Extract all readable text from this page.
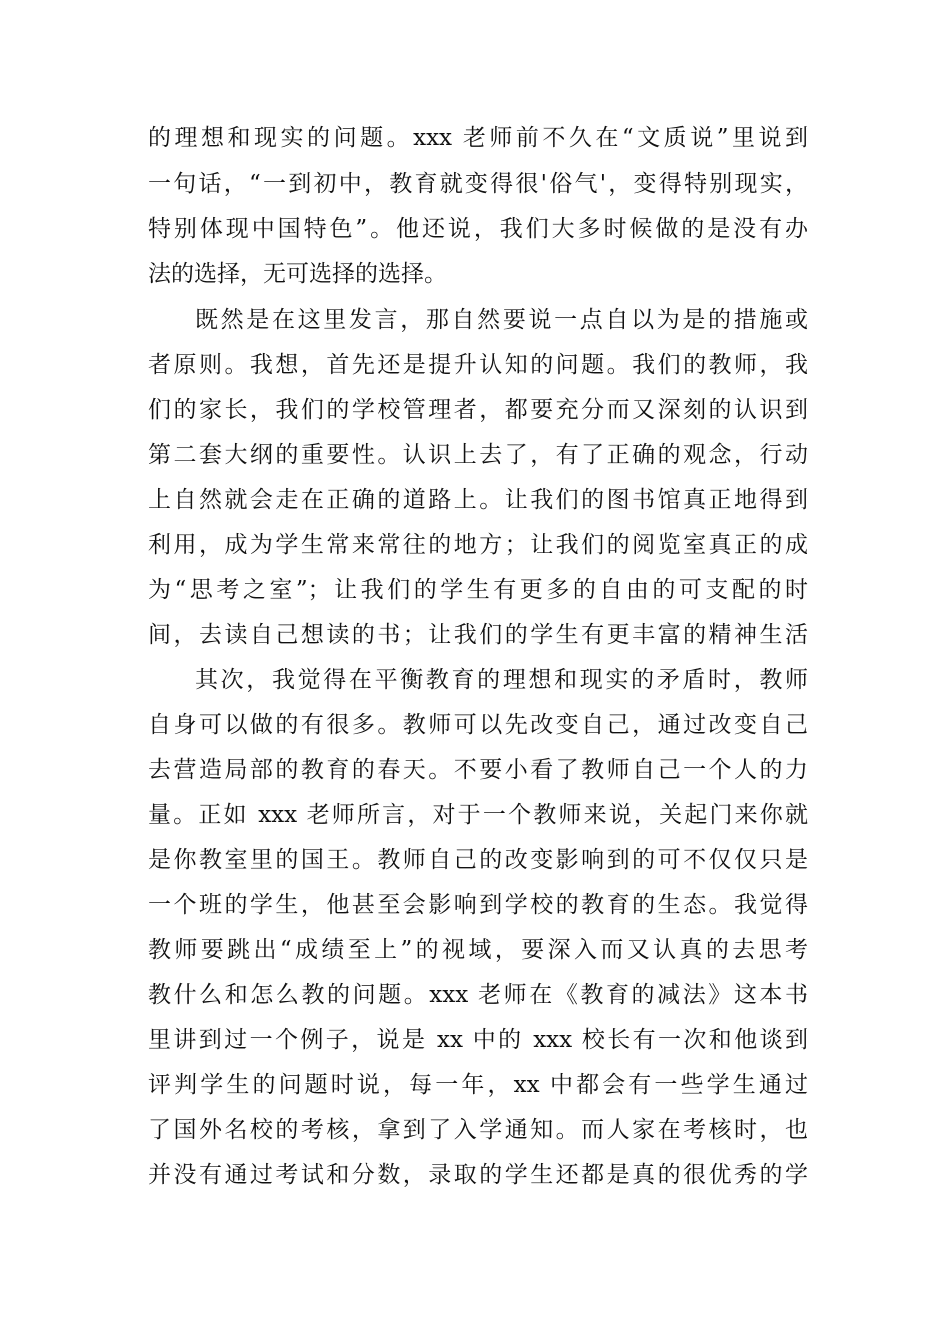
的理想和现实的问题。xxx 老师前不久在“文质说”里说到
一句话，“一到初中，教育就变得很'俗气'，变得特别现实，
特别体现中国特色”。他还说，我们大多时候做的是没有办
法的选择，无可选择的选择。
既然是在这里发言，那自然要说一点自以为是的措施或
者原则。我想，首先还是提升认知的问题。我们的教师，我
们的家长，我们的学校管理者，都要充分而又深刻的认识到
第二套大纲的重要性。认识上去了，有了正确的观念，行动
上自然就会走在正确的道路上。让我们的图书馆真正地得到
利用，成为学生常来常往的地方；让我们的阅览室真正的成
为“思考之室”；让我们的学生有更多的自由的可支配的时
间，去读自己想读的书；让我们的学生有更丰富的精神生活
其次，我觉得在平衡教育的理想和现实的矛盾时，教师
自身可以做的有很多。教师可以先改变自己，通过改变自己
去营造局部的教育的春天。不要小看了教师自己一个人的力
量。正如 xxx 老师所言，对于一个教师来说，关起门来你就
是你教室里的国王。教师自己的改变影响到的可不仅仅只是
一个班的学生，他甚至会影响到学校的教育的生态。我觉得
教师要跳出“成绩至上”的视域，要深入而又认真的去思考
教什么和怎么教的问题。xxx 老师在《教育的减法》这本书
里讲到过一个例子，说是 xx 中的 xxx 校长有一次和他谈到
评判学生的问题时说，每一年，xx 中都会有一些学生通过
了国外名校的考核，拿到了入学通知。而人家在考核时，也
并没有通过考试和分数，录取的学生还都是真的很优秀的学
